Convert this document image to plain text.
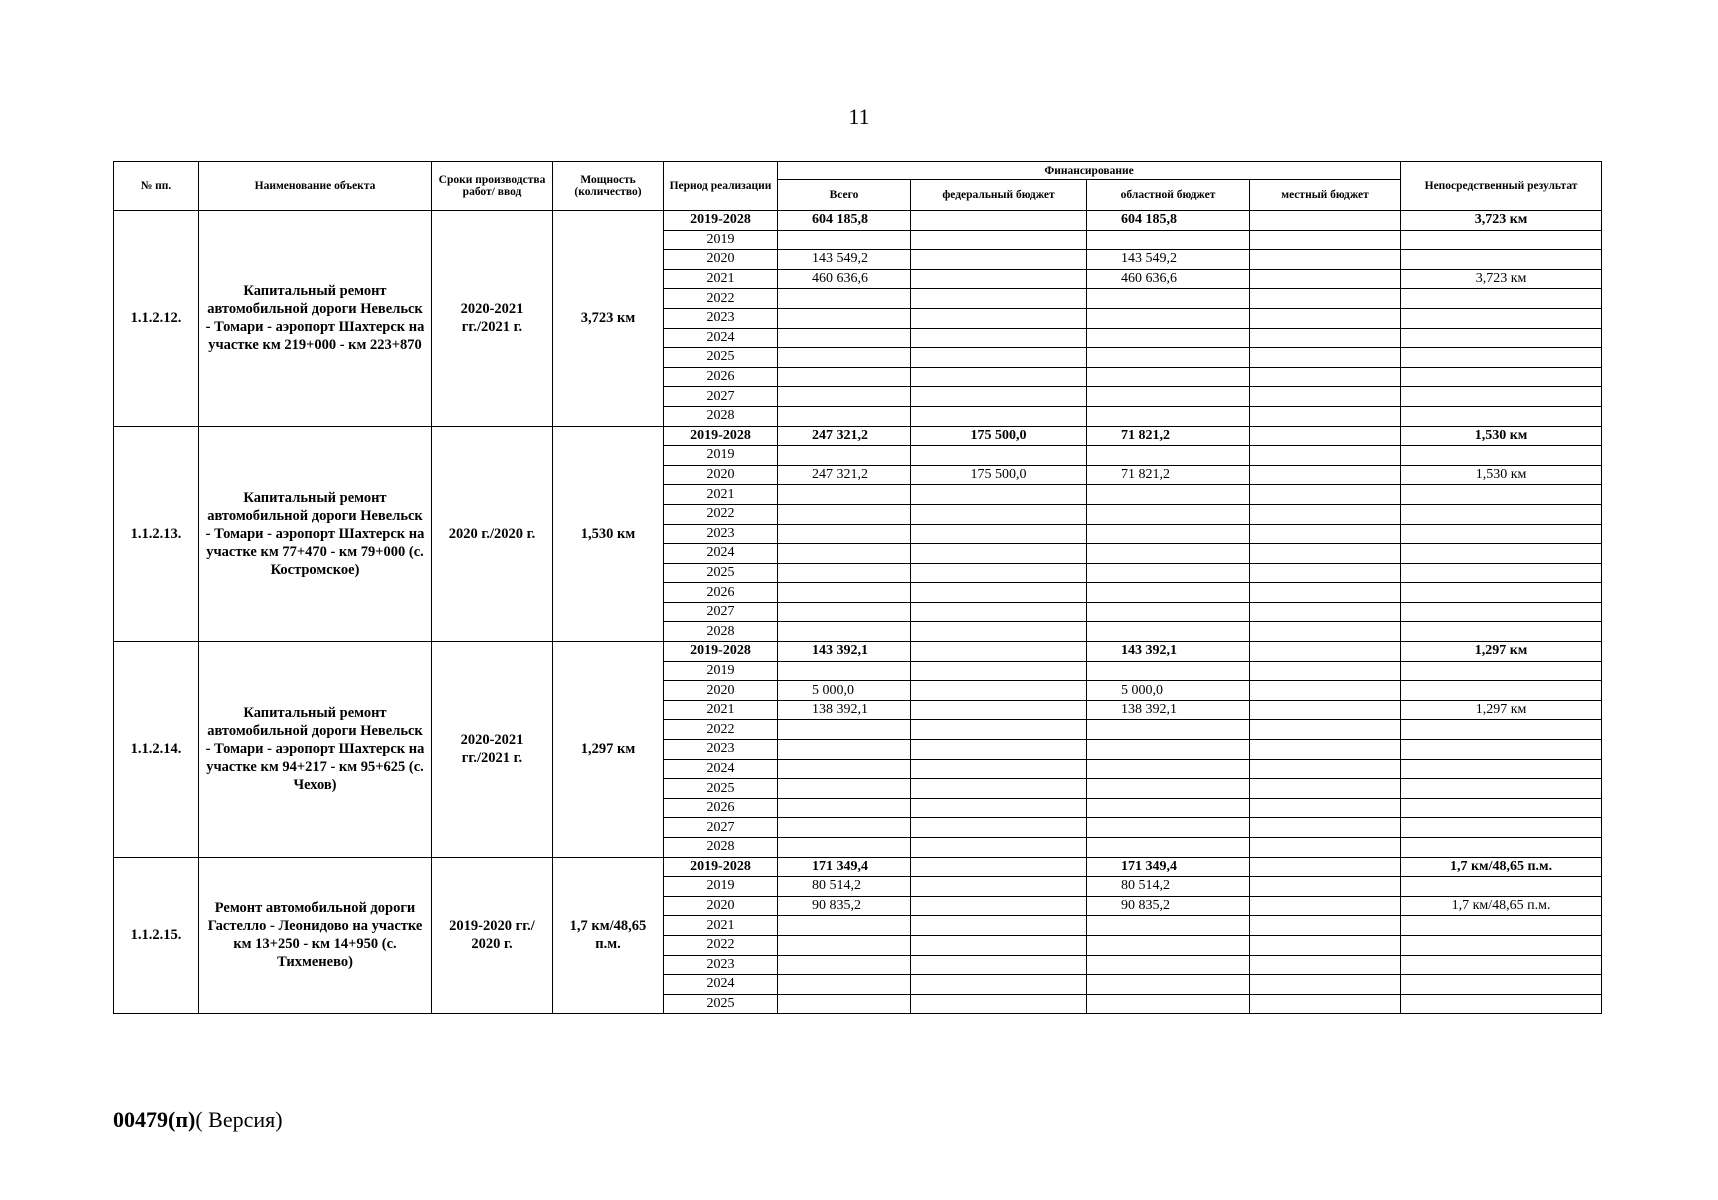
11
№ пп.	Наименование объекта	Сроки производства работ/ ввод	Мощность (количество)	Период реализации	Финансирование				Непосредственный результат
					Всего	федеральный бюджет	областной бюджет	местный бюджет	
1.1.2.12.	Капитальный ремонт автомобильной дороги Невельск - Томари - аэропорт Шахтерск на участке км 219+000 - км 223+870	2020-2021 гг./2021 г.	3,723 км	2019-2028	604 185,8		604 185,8		3,723 км
				2019					
				2020	143 549,2		143 549,2		
				2021	460 636,6		460 636,6		3,723 км
				2022					
				2023					
				2024					
				2025					
				2026					
				2027					
				2028					
1.1.2.13.	Капитальный ремонт автомобильной дороги Невельск - Томари - аэропорт Шахтерск на участке км 77+470 - км 79+000 (с. Костромское)	2020 г./2020 г.	1,530 км	2019-2028	247 321,2	175 500,0	71 821,2		1,530 км
				2019					
				2020	247 321,2	175 500,0	71 821,2		1,530 км
				2021					
				2022					
				2023					
				2024					
				2025					
				2026					
				2027					
				2028					
1.1.2.14.	Капитальный ремонт автомобильной дороги Невельск - Томари - аэропорт Шахтерск на участке км 94+217 - км 95+625 (с. Чехов)	2020-2021 гг./2021 г.	1,297 км	2019-2028	143 392,1		143 392,1		1,297 км
				2019					
				2020	5 000,0		5 000,0		
				2021	138 392,1		138 392,1		1,297 км
				2022					
				2023					
				2024					
				2025					
				2026					
				2027					
				2028					
1.1.2.15.	Ремонт автомобильной дороги Гастелло - Леонидово на участке км 13+250 - км 14+950 (с. Тихменево)	2019-2020 гг./ 2020 г.	1,7 км/48,65 п.м.	2019-2028	171 349,4		171 349,4		1,7 км/48,65 п.м.
				2019	80 514,2		80 514,2		
				2020	90 835,2		90 835,2		1,7 км/48,65 п.м.
				2021					
				2022					
				2023					
				2024					
				2025					
00479(п)( Версия)
